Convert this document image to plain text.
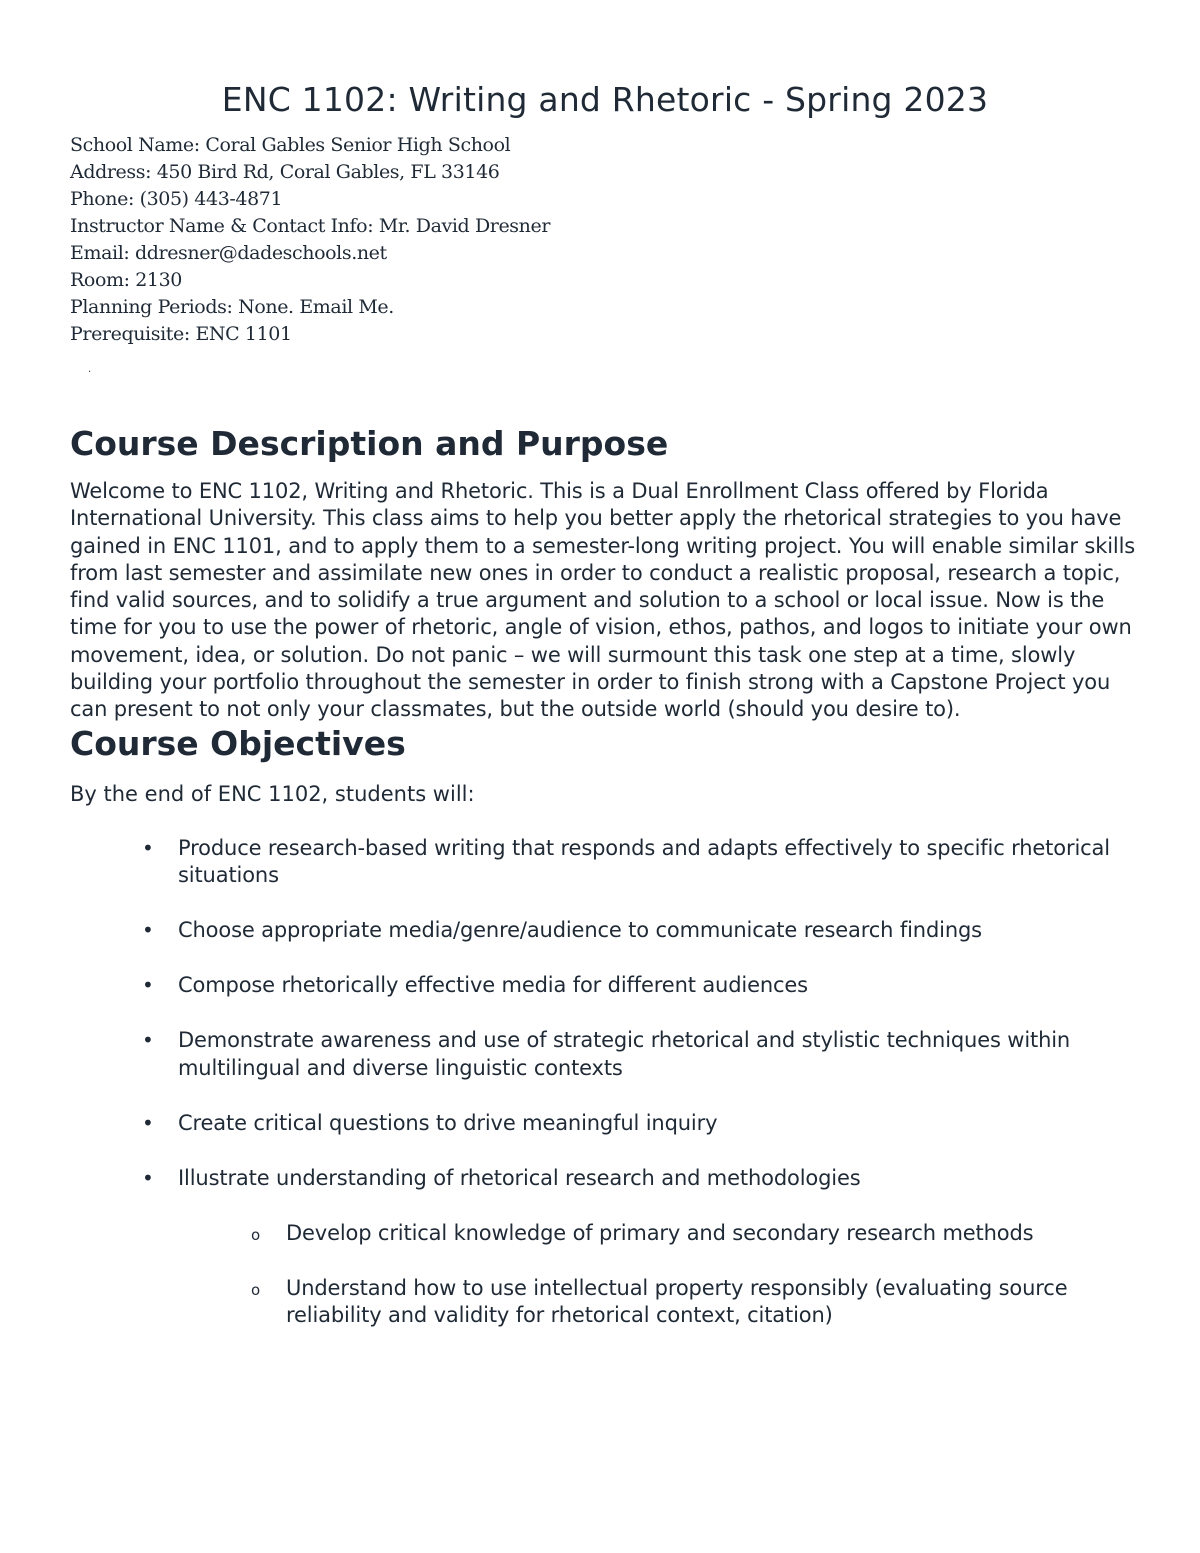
ENC 1102: Writing and Rhetoric - Spring 2023
School Name: Coral Gables Senior High School
Address: 450 Bird Rd, Coral Gables, FL 33146
Phone: (305) 443-4871
Instructor Name & Contact Info: Mr. David Dresner
Email: ddresner@dadeschools.net
Room: 2130
Planning Periods: None. Email Me.
Prerequisite: ENC 1101
.
Course Description and Purpose

Welcome to ENC 1102, Writing and Rhetoric. This is a Dual Enrollment Class offered by Florida International University. This class aims to help you better apply the rhetorical strategies to you have gained in ENC 1101, and to apply them to a semester-long writing project. You will enable similar skills from last semester and assimilate new ones in order to conduct a realistic proposal, research a topic, find valid sources, and to solidify a true argument and solution to a school or local issue. Now is the time for you to use the power of rhetoric, angle of vision, ethos, pathos, and logos to initiate your own movement, idea, or solution. Do not panic – we will surmount this task one step at a time, slowly building your portfolio throughout the semester in order to finish strong with a Capstone Project you can present to not only your classmates, but the outside world (should you desire to).

Course Objectives

By the end of ENC 1102, students will:

• Produce research-based writing that responds and adapts effectively to specific rhetorical situations
• Choose appropriate media/genre/audience to communicate research findings
• Compose rhetorically effective media for different audiences
• Demonstrate awareness and use of strategic rhetorical and stylistic techniques within multilingual and diverse linguistic contexts
• Create critical questions to drive meaningful inquiry
• Illustrate understanding of rhetorical research and methodologies
o Develop critical knowledge of primary and secondary research methods
o Understand how to use intellectual property responsibly (evaluating source reliability and validity for rhetorical context, citation)
